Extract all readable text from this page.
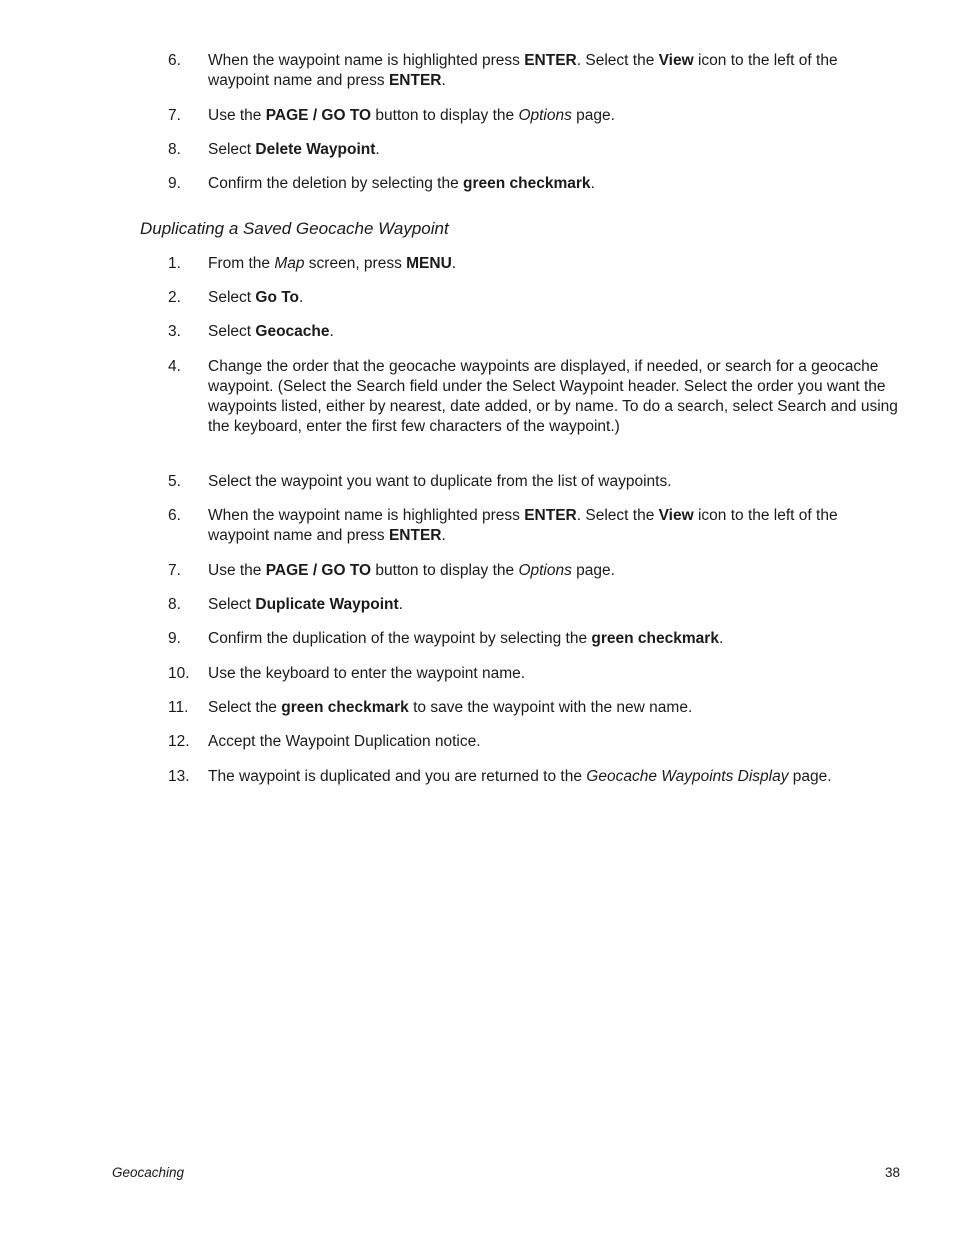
6.	When the waypoint name is highlighted press ENTER. Select the View icon to the left of the waypoint name and press ENTER.
7.	Use the PAGE / GO TO button to display the Options page.
8.	Select Delete Waypoint.
9.	Confirm the deletion by selecting the green checkmark.
Duplicating a Saved Geocache Waypoint
1.	From the Map screen, press MENU.
2.	Select Go To.
3.	Select Geocache.
4.	Change the order that the geocache waypoints are displayed, if needed, or search for a geocache waypoint. (Select the Search field under the Select Waypoint header. Select the order you want the waypoints listed, either by nearest, date added, or by name. To do a search, select Search and using the keyboard, enter the first few characters of the waypoint.)
5.	Select the waypoint you want to duplicate from the list of waypoints.
6.	When the waypoint name is highlighted press ENTER. Select the View icon to the left of the waypoint name and press ENTER.
7.	Use the PAGE / GO TO button to display the Options page.
8.	Select Duplicate Waypoint.
9.	Confirm the duplication of the waypoint by selecting the green checkmark.
10.	Use the keyboard to enter the waypoint name.
11.	Select the green checkmark to save the waypoint with the new name.
12.	Accept the Waypoint Duplication notice.
13.	The waypoint is duplicated and you are returned to the Geocache Waypoints Display page.
Geocaching	38
